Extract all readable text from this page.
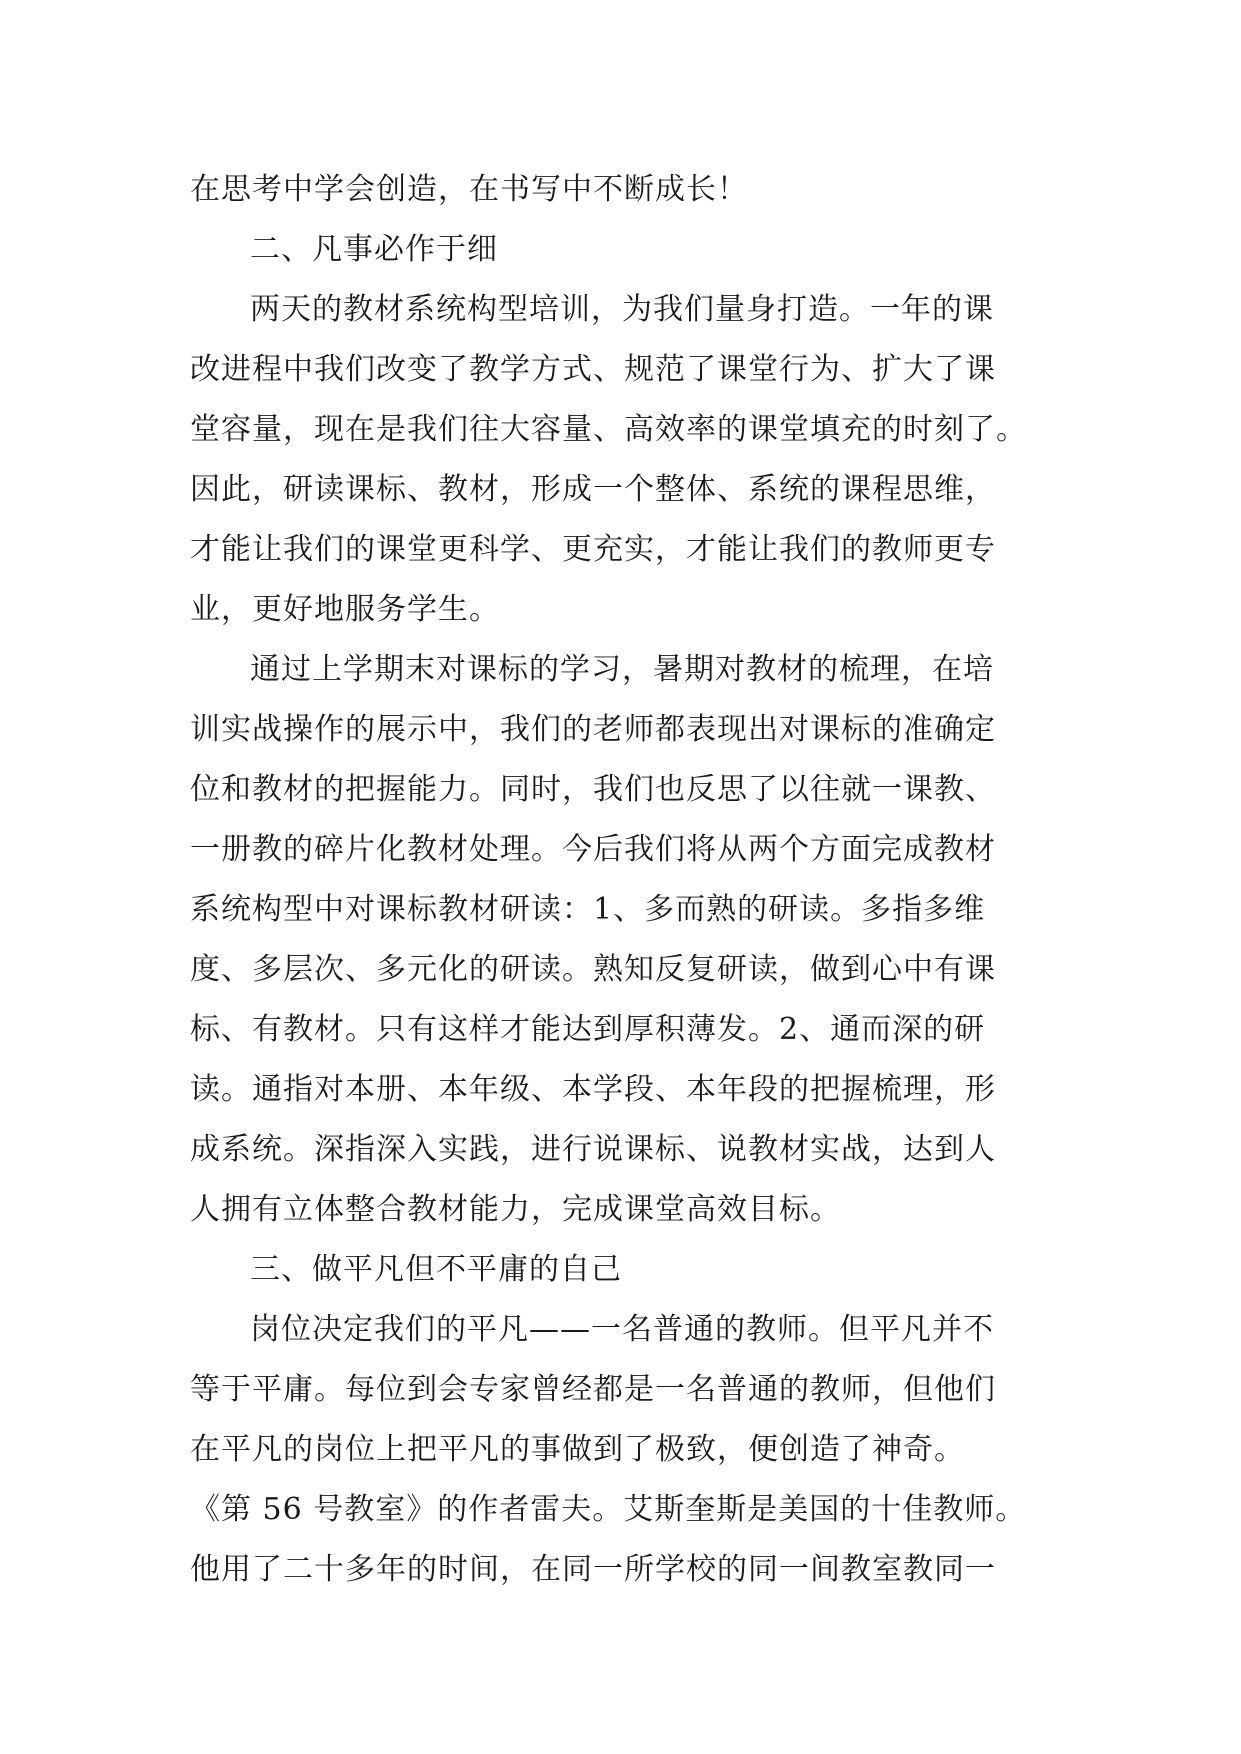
在思考中学会创造，在书写中不断成长！
二、凡事必作于细
两天的教材系统构型培训，为我们量身打造。一年的课
改进程中我们改变了教学方式、规范了课堂行为、扩大了课
堂容量，现在是我们往大容量、高效率的课堂填充的时刻了。
因此，研读课标、教材，形成一个整体、系统的课程思维，
才能让我们的课堂更科学、更充实，才能让我们的教师更专
业，更好地服务学生。
通过上学期末对课标的学习，暑期对教材的梳理，在培
训实战操作的展示中，我们的老师都表现出对课标的准确定
位和教材的把握能力。同时，我们也反思了以往就一课教、
一册教的碎片化教材处理。今后我们将从两个方面完成教材
系统构型中对课标教材研读：1、多而熟的研读。多指多维
度、多层次、多元化的研读。熟知反复研读，做到心中有课
标、有教材。只有这样才能达到厚积薄发。2、通而深的研
读。通指对本册、本年级、本学段、本年段的把握梳理，形
成系统。深指深入实践，进行说课标、说教材实战，达到人
人拥有立体整合教材能力，完成课堂高效目标。
三、做平凡但不平庸的自己
岗位决定我们的平凡——一名普通的教师。但平凡并不
等于平庸。每位到会专家曾经都是一名普通的教师，但他们
在平凡的岗位上把平凡的事做到了极致，便创造了神奇。
《第 56 号教室》的作者雷夫。艾斯奎斯是美国的十佳教师。
他用了二十多年的时间，在同一所学校的同一间教室教同一
